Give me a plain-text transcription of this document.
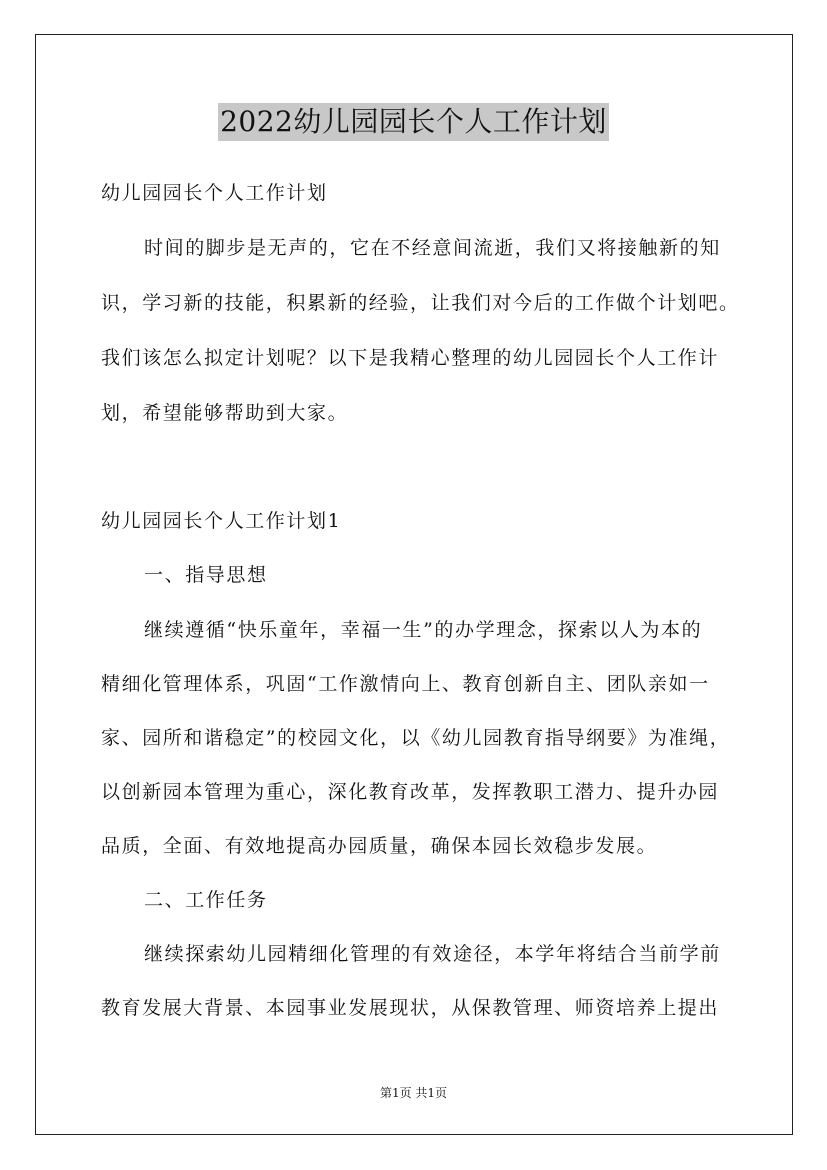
2022幼儿园园长个人工作计划
幼儿园园长个人工作计划
时间的脚步是无声的，它在不经意间流逝，我们又将接触新的知
识，学习新的技能，积累新的经验，让我们对今后的工作做个计划吧。
我们该怎么拟定计划呢？以下是我精心整理的幼儿园园长个人工作计
划，希望能够帮助到大家。
幼儿园园长个人工作计划1
一、指导思想
继续遵循“快乐童年，幸福一生”的办学理念，探索以人为本的
精细化管理体系，巩固“工作激情向上、教育创新自主、团队亲如一
家、园所和谐稳定”的校园文化，以《幼儿园教育指导纲要》为准绳，
以创新园本管理为重心，深化教育改革，发挥教职工潜力、提升办园
品质，全面、有效地提高办园质量，确保本园长效稳步发展。
二、工作任务
继续探索幼儿园精细化管理的有效途径，本学年将结合当前学前
教育发展大背景、本园事业发展现状，从保教管理、师资培养上提出
第1页 共1页
